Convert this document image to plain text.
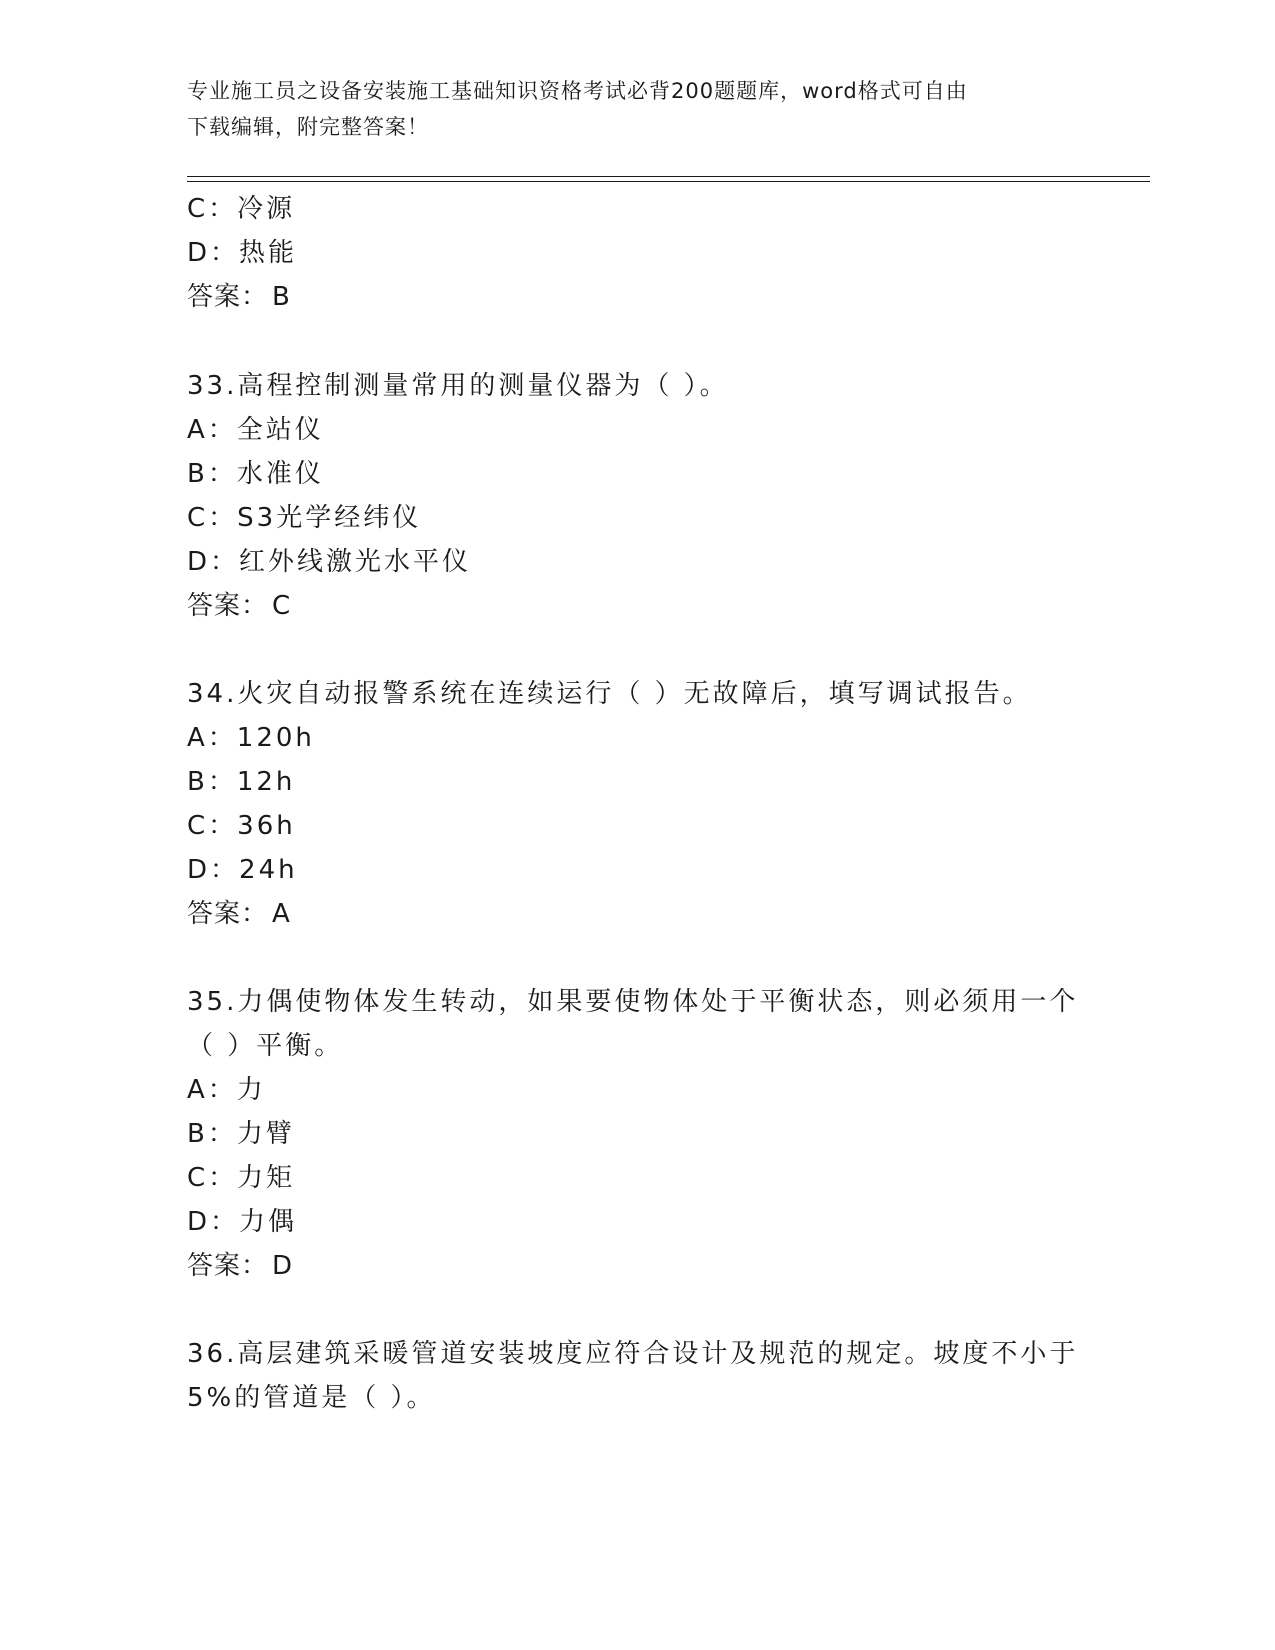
专业施工员之设备安装施工基础知识资格考试必背200题题库，word格式可自由
下载编辑，附完整答案！
C：冷源
D：热能
答案： B
33.高程控制测量常用的测量仪器为（ ）。
A：全站仪
B：水准仪
C：S3光学经纬仪
D：红外线激光水平仪
答案： C
34.火灾自动报警系统在连续运行（ ）无故障后，填写调试报告。
A：120h
B：12h
C：36h
D：24h
答案： A
35.力偶使物体发生转动，如果要使物体处于平衡状态，则必须用一个
（ ）平衡。
A：力
B：力臂
C：力矩
D：力偶
答案： D
36.高层建筑采暖管道安装坡度应符合设计及规范的规定。坡度不小于
5%的管道是（ ）。
